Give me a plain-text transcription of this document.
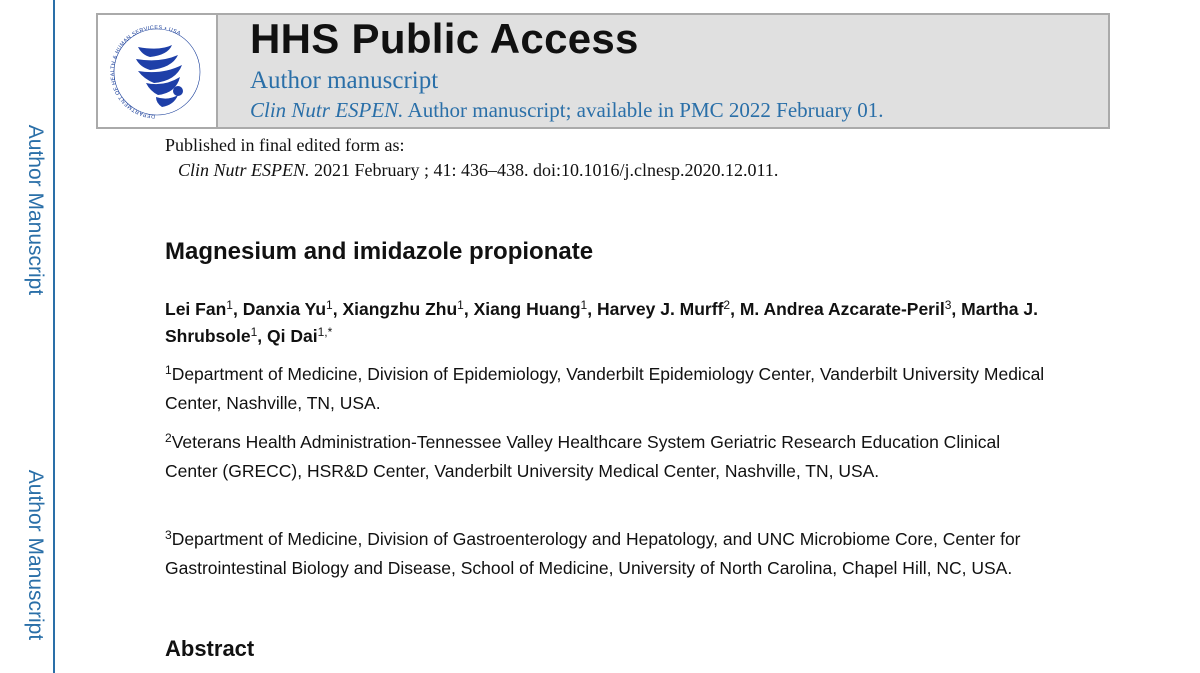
Author Manuscript
Author Manuscript
DEPARTMENT OF HEALTH & HUMAN SERVICES • USA HHS Public Access
Author manuscript
Clin Nutr ESPEN. Author manuscript; available in PMC 2022 February 01.
Published in final edited form as:
Clin Nutr ESPEN. 2021 February ; 41: 436–438. doi:10.1016/j.clnesp.2020.12.011.
Magnesium and imidazole propionate
Lei Fan$^1$, Danxia Yu$^1$, Xiangzhu Zhu$^1$, Xiang Huang$^1$, Harvey J. Murff$^2$, M. Andrea Azcarate-Peril$^3$, Martha J. Shrubsole$^1$, Qi Dai$^{1,*}$
$^1$Department of Medicine, Division of Epidemiology, Vanderbilt Epidemiology Center, Vanderbilt University Medical Center, Nashville, TN, USA.
$^2$Veterans Health Administration-Tennessee Valley Healthcare System Geriatric Research Education Clinical Center (GRECC), HSR&D Center, Vanderbilt University Medical Center, Nashville, TN, USA.
$^3$Department of Medicine, Division of Gastroenterology and Hepatology, and UNC Microbiome Core, Center for Gastrointestinal Biology and Disease, School of Medicine, University of North Carolina, Chapel Hill, NC, USA.
Abstract
